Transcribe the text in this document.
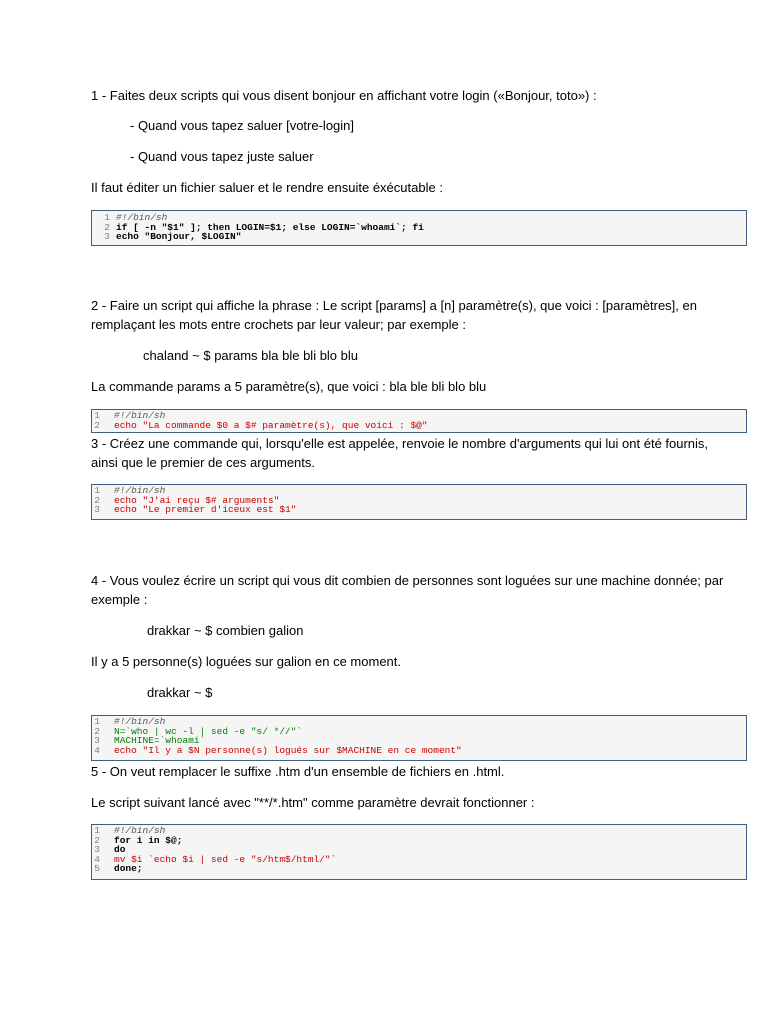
1 - Faites deux scripts qui vous disent bonjour en affichant votre login («Bonjour, toto») :

- Quand vous tapez saluer [votre-login]

- Quand vous tapez juste saluer

Il faut éditer un fichier saluer et le rendre ensuite éxécutable :

1 #!/bin/sh
2 if [ -n "$1" ]; then LOGIN=$1; else LOGIN=`whoami`; fi
3 echo "Bonjour, $LOGIN"

2 - Faire un script qui affiche la phrase : Le script [params] a [n] paramètre(s), que voici : [paramètres], en remplaçant les mots entre crochets par leur valeur; par exemple :

chaland ~ $ params bla ble bli blo blu

La commande params a 5 paramètre(s), que voici : bla ble bli blo blu

1 #!/bin/sh
2 echo "La commande $0 a $# paramètre(s), que voici : $@"

3 - Créez une commande qui, lorsqu'elle est appelée, renvoie le nombre d'arguments qui lui ont été fournis, ainsi que le premier de ces arguments.

1 #!/bin/sh
2 echo "J'ai reçu $# arguments"
3 echo "Le premier d'iceux est $1"

4 - Vous voulez écrire un script qui vous dit combien de personnes sont loguées sur une machine donnée; par exemple :

drakkar ~ $ combien galion

Il y a 5 personne(s) loguées sur galion en ce moment.

drakkar ~ $

1 #!/bin/sh
2 N=`who | wc -l | sed -e "s/ *//"`
3 MACHINE=`whoami`
4 echo "Il y a $N personne(s) logués sur $MACHINE en ce moment"

5 - On veut remplacer le suffixe .htm d'un ensemble de fichiers en .html.

Le script suivant lancé avec "**/*.htm" comme paramètre devrait fonctionner :

1 #!/bin/sh
2 for i in $@;
3 do
4 mv $i `echo $i | sed -e "s/htm$/html/"`
5 done;
